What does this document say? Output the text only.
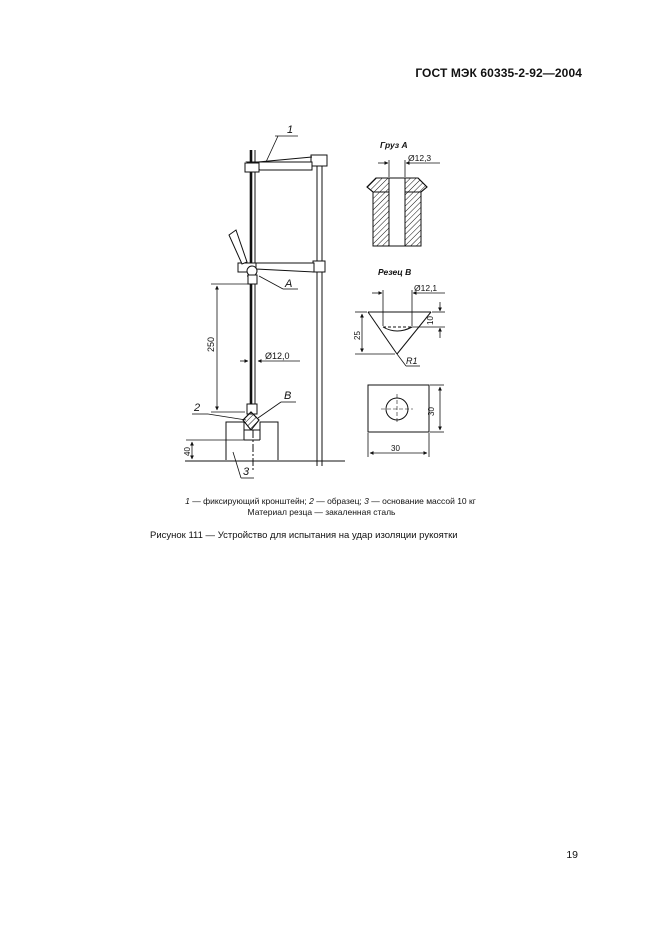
ГОСТ МЭК 60335-2-92—2004
250
40
Ø12,0
1
A
B
2
3
Груз A
Ø12,3
Резец B
Ø12,1
25
10
R1
30
30
1 — фиксирующий кронштейн; 2 — образец; 3 — основание массой 10 кг
Материал резца — закаленная сталь
Рисунок 111 — Устройство для испытания на удар изоляции рукоятки
19
